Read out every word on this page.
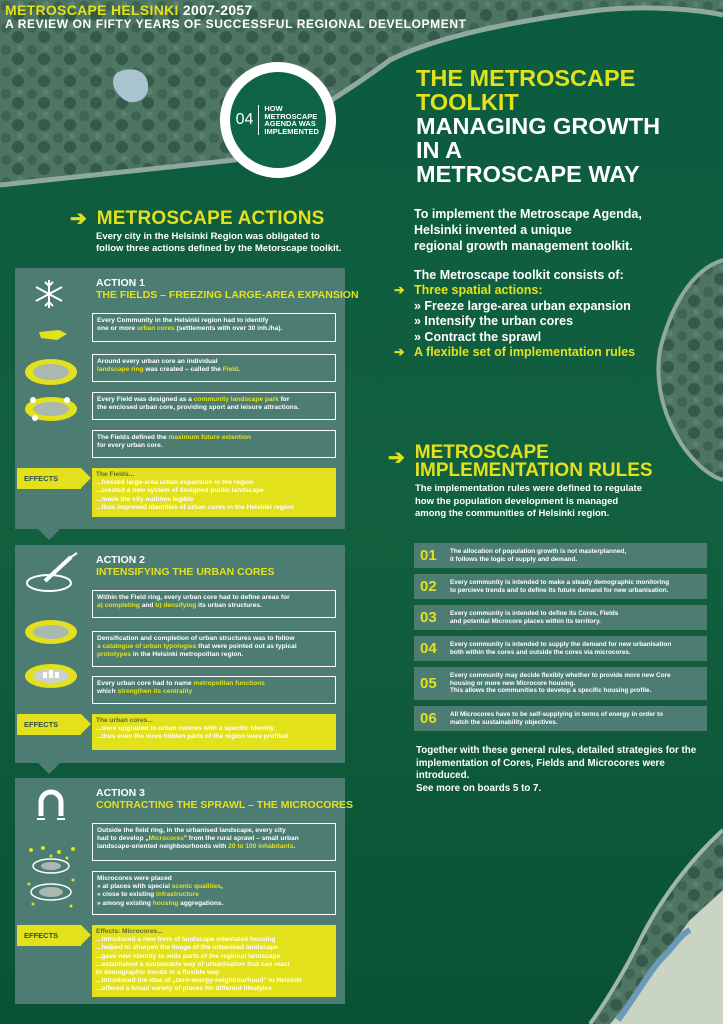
METROSCAPE HELSINKI 2007-2057
A REVIEW ON FIFTY YEARS OF SUCCESSFUL REGIONAL DEVELOPMENT
04
HOW METROSCAPE AGENDA WAS IMPLEMENTED
THE METROSCAPE
TOOLKIT
MANAGING GROWTH
IN A
METROSCAPE WAY
To implement the Metroscape Agenda,
Helsinki invented a unique
regional growth management toolkit.
The Metroscape toolkit consists of:
➔ Three spatial actions:
» Freeze large-area urban expansion
» Intensify the urban cores
» Contract the sprawl
➔ A flexible set of implementation rules
➔ METROSCAPE ACTIONS
Every city in the Helsinki Region was obligated to
follow three actions defined by the Metorscape toolkit.
ACTION 1
THE FIELDS – FREEZING LARGE-AREA EXPANSION
Every Community in the Helsinki region had to identify
one or more urban cores (settlements with over 30 inh./ha).
Around every urban core an individual
landscape ring was created – called the Field.
Every Field was designed as a community landscape park for
the enclosed urban core, providing sport and leisure attractions.
The Fields defined the maximum future extention
for every urban core.
EFFECTS	The Fields...
...freezed large-area urban expansion in the region
...created a new system of designed public landscape
...made the city outlines legible
...thus improved identities of urban cores in the Helsinki region
ACTION 2
INTENSIFYING THE URBAN CORES
Within the Field ring, every urban core had to define areas for
a) completing and b) densifying its urban structures.
Densification and completion of urban structures was to follow
a catalogue of urban typologies that were pointed out as typical
prototypes in the Helsinki metropolitan region.
Every urban core had to name metropolitan functions
which strengthen its centrality
EFFECTS	The urban cores...
...were upgraded to urban centres with a specific identity
...thus even the more hidden parts of the region were profiled
ACTION 3
CONTRACTING THE SPRAWL – THE MICROCORES
Outside the field ring, in the urbanised landscape, every city
had to develop „Microcores" from the rural sprawl – small urban
landscape-oriented neighbourhoods with 20 to 100 inhabitants.
Microcores were placed
» at places with special scenic qualities,
» close to existing infrastructure
» among existing housing aggregations.
EFFECTS	Effects: Microcores...
...introduced a new form of landscape orientated housing
...helped to sharpen the image of the urbanised landscape
...gave new identity to wide parts of the regional landscape
...established a sustainable way of urbanisation that can react
to demographic trends in a flexible way
...introduced the idea of „zero-energy-neighbourhood" to Helsinki
...offered a broad variety of places for different lifestyles
➔ METROSCAPE
IMPLEMENTATION RULES
The implementation rules were defined to regulate
how the population development is managed
among the communities of Helsinki region.
01	The allocation of population growth is not masterplanned,
it follows the logic of supply and demand.
02	Every community is intended to make a steady demographic monitoring
to percieve trends and to define its future demand for new urbanisation.
03	Every community is intended to define its Cores, Fields
and potential Microcore places within its territory.
04	Every community is intended to supply the demand for new urbanisation
both within the cores and outside the cores via microcores.
05	Every community may decide flexibly whether to provide more new Core
housing or more new Microcore housing.
This allows the communities to develop a specific housing profile.
06	All Microcores have to be self-supplying in terms of energy in order to
match the sustainability objectives.
Together with these general rules, detailed strategies for the
implementation of Cores, Fields and Microcores were introduced.
See more on boards 5 to 7.
